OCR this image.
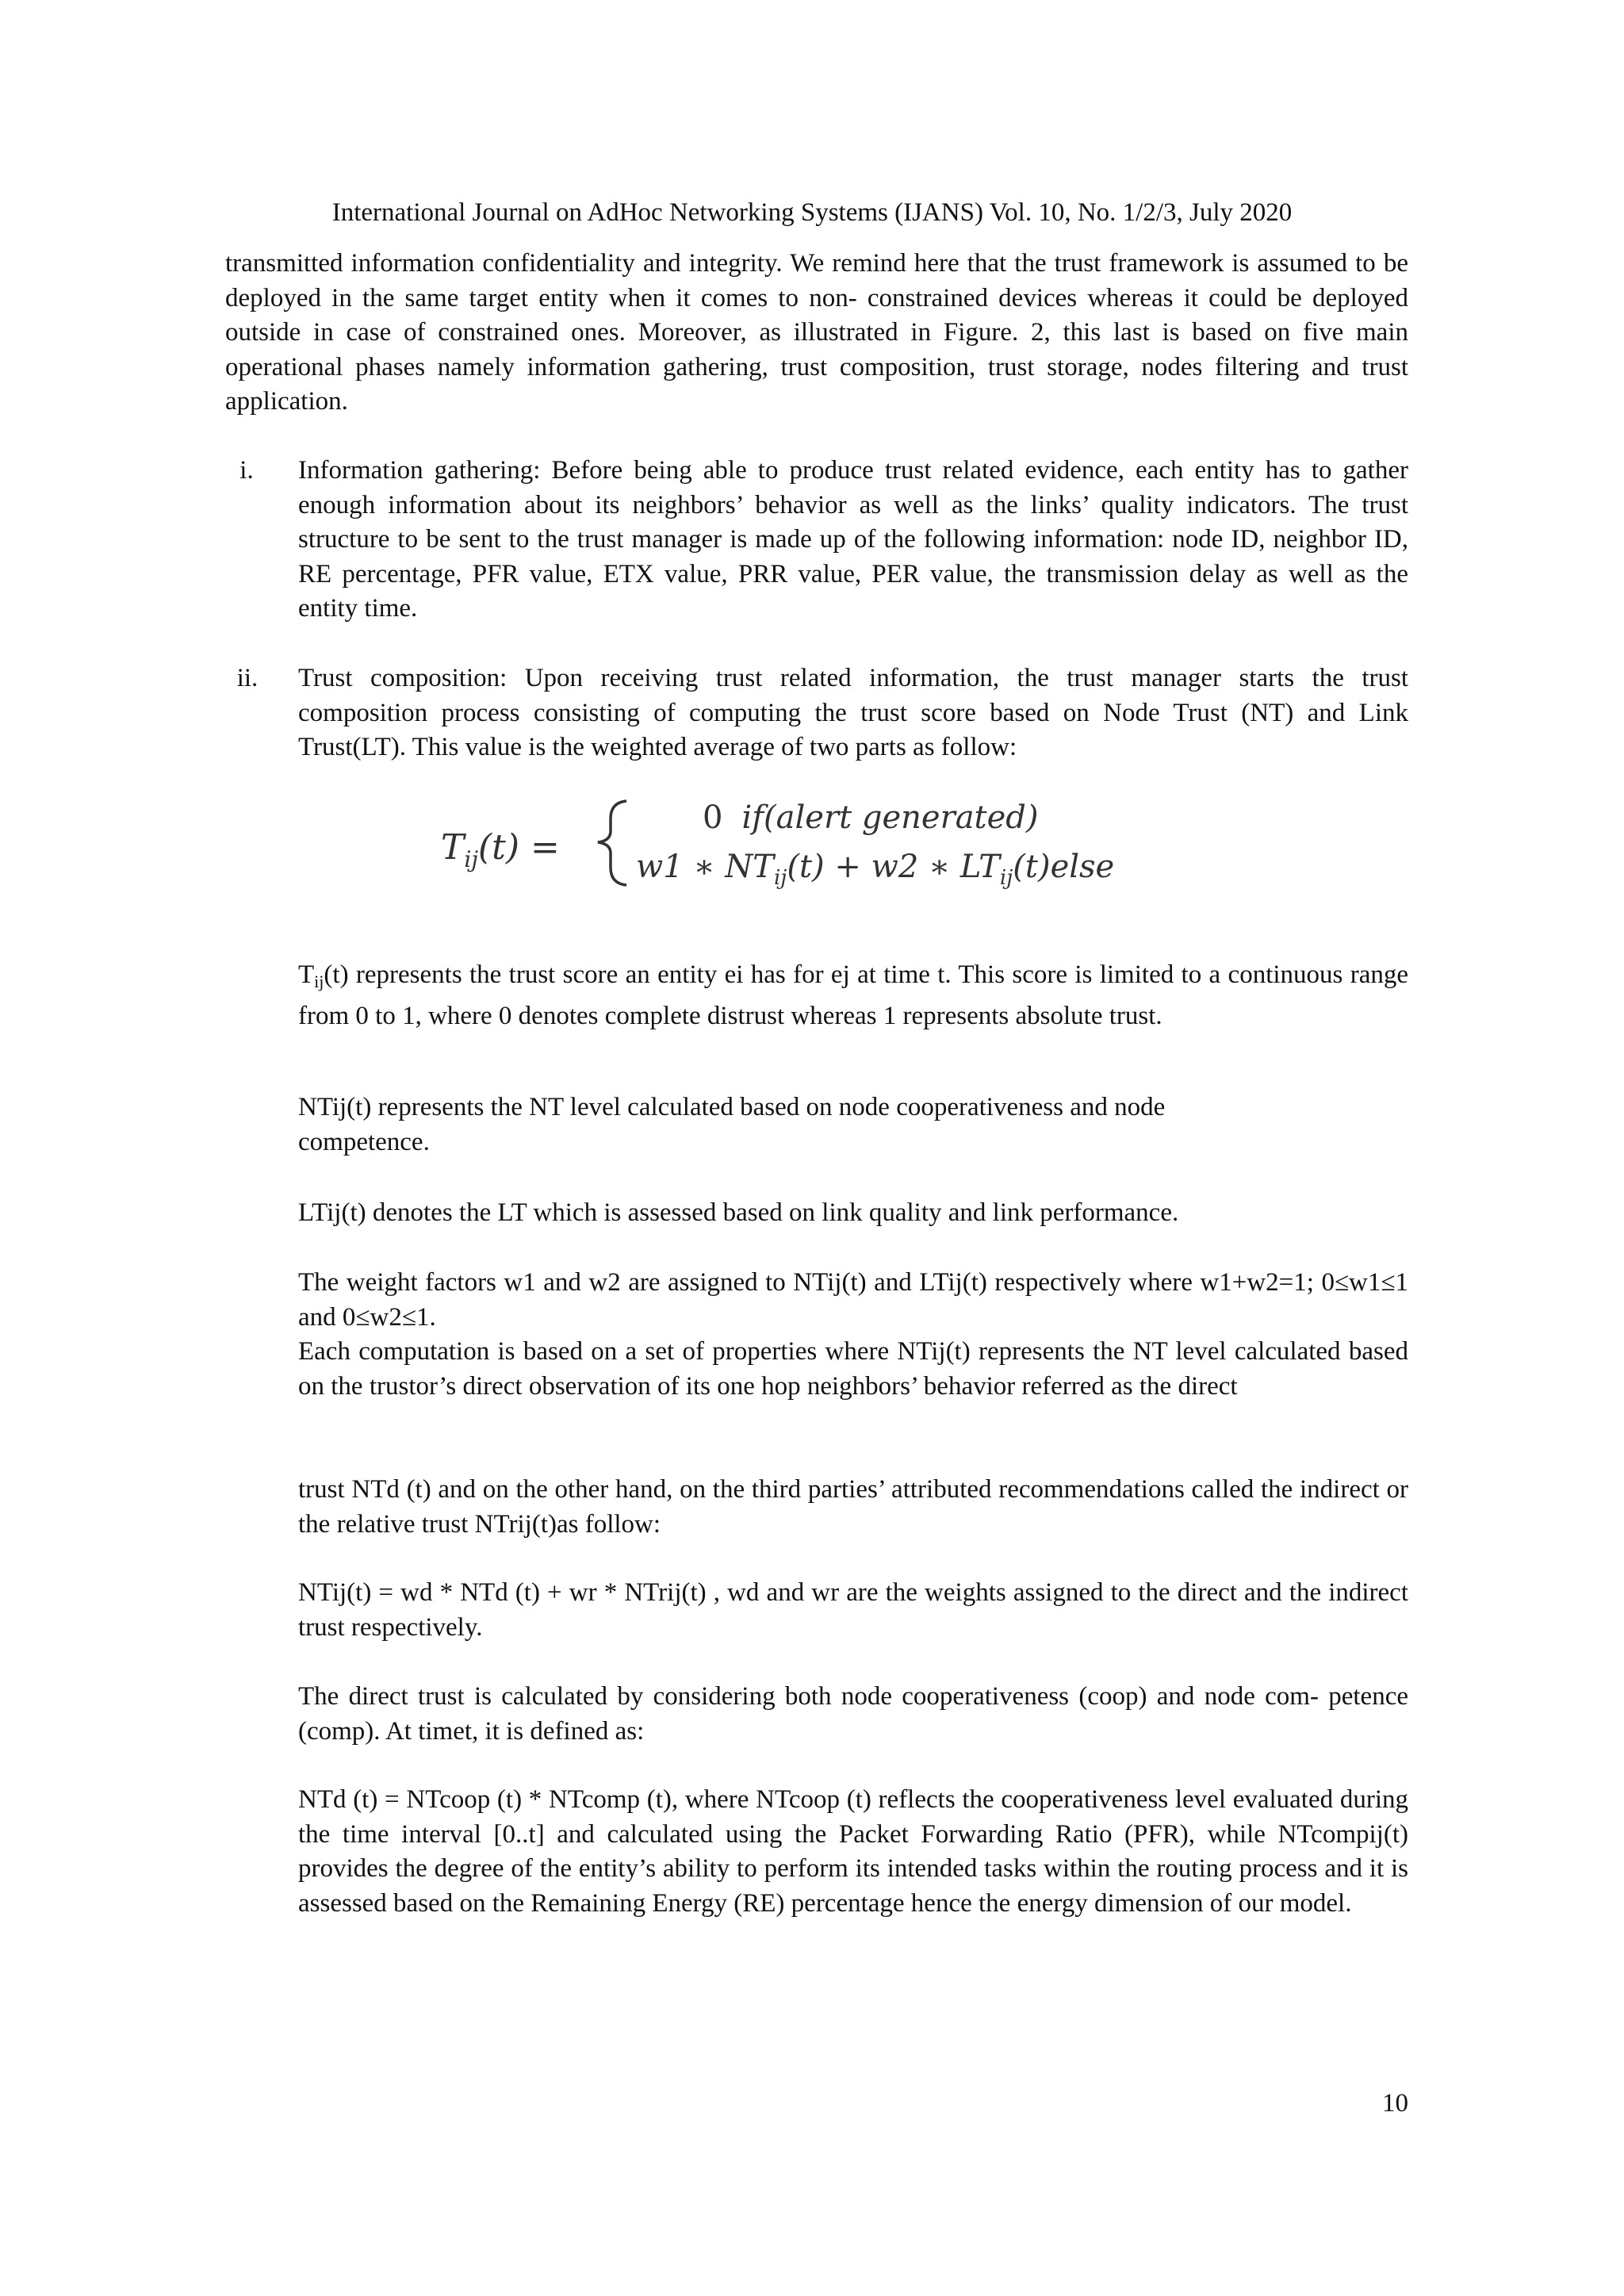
International Journal on AdHoc Networking Systems (IJANS) Vol. 10, No. 1/2/3, July 2020

transmitted information confidentiality and integrity. We remind here that the trust framework is assumed to be deployed in the same target entity when it comes to non- constrained devices whereas it could be deployed outside in case of constrained ones. Moreover, as illustrated in Figure. 2, this last is based on five main operational phases namely information gathering, trust composition, trust storage, nodes filtering and trust application.

i. Information gathering: Before being able to produce trust related evidence, each entity has to gather enough information about its neighbors’ behavior as well as the links’ quality indicators. The trust structure to be sent to the trust manager is made up of the following information: node ID, neighbor ID, RE percentage, PFR value, ETX value, PRR value, PER value, the transmission delay as well as the entity time.

ii. Trust composition: Upon receiving trust related information, the trust manager starts the trust composition process consisting of computing the trust score based on Node Trust (NT) and Link Trust(LT). This value is the weighted average of two parts as follow:

$T_{ij}(t)$ =
0 if(alert generated)
w1 ∗ $NT_{ij}(t) + w2$ ∗ $LT_{ij}(t)else$

$T_{ij}(t)$ represents the trust score an entity ei has for ej at time t. This score is limited to a continuous range from 0 to 1, where 0 denotes complete distrust whereas 1 represents absolute trust.

NTij(t) represents the NT level calculated based on node cooperativeness and node
competence.

LTij(t) denotes the LT which is assessed based on link quality and link performance.

The weight factors w1 and w2 are assigned to NTij(t) and LTij(t) respectively where w1+w2=1; 0≤w1≤1 and 0≤w2≤1.

Each computation is based on a set of properties where NTij(t) represents the NT level calculated based on the trustor’s direct observation of its one hop neighbors’ behavior referred as the direct

trust NTd (t) and on the other hand, on the third parties’ attributed recommendations called the indirect or the relative trust NTrij(t)as follow:

NTij(t) = wd * NTd (t) + wr * NTrij(t) , wd and wr are the weights assigned to the direct and the indirect trust respectively.

The direct trust is calculated by considering both node cooperativeness (coop) and node com- petence (comp). At timet, it is defined as:

NTd (t) = NTcoop (t) * NTcomp (t), where NTcoop (t) reflects the cooperativeness level evaluated during the time interval [0..t] and calculated using the Packet Forwarding Ratio (PFR), while NTcompij(t) provides the degree of the entity’s ability to perform its intended tasks within the routing process and it is assessed based on the Remaining Energy (RE) percentage hence the energy dimension of our model.

10
